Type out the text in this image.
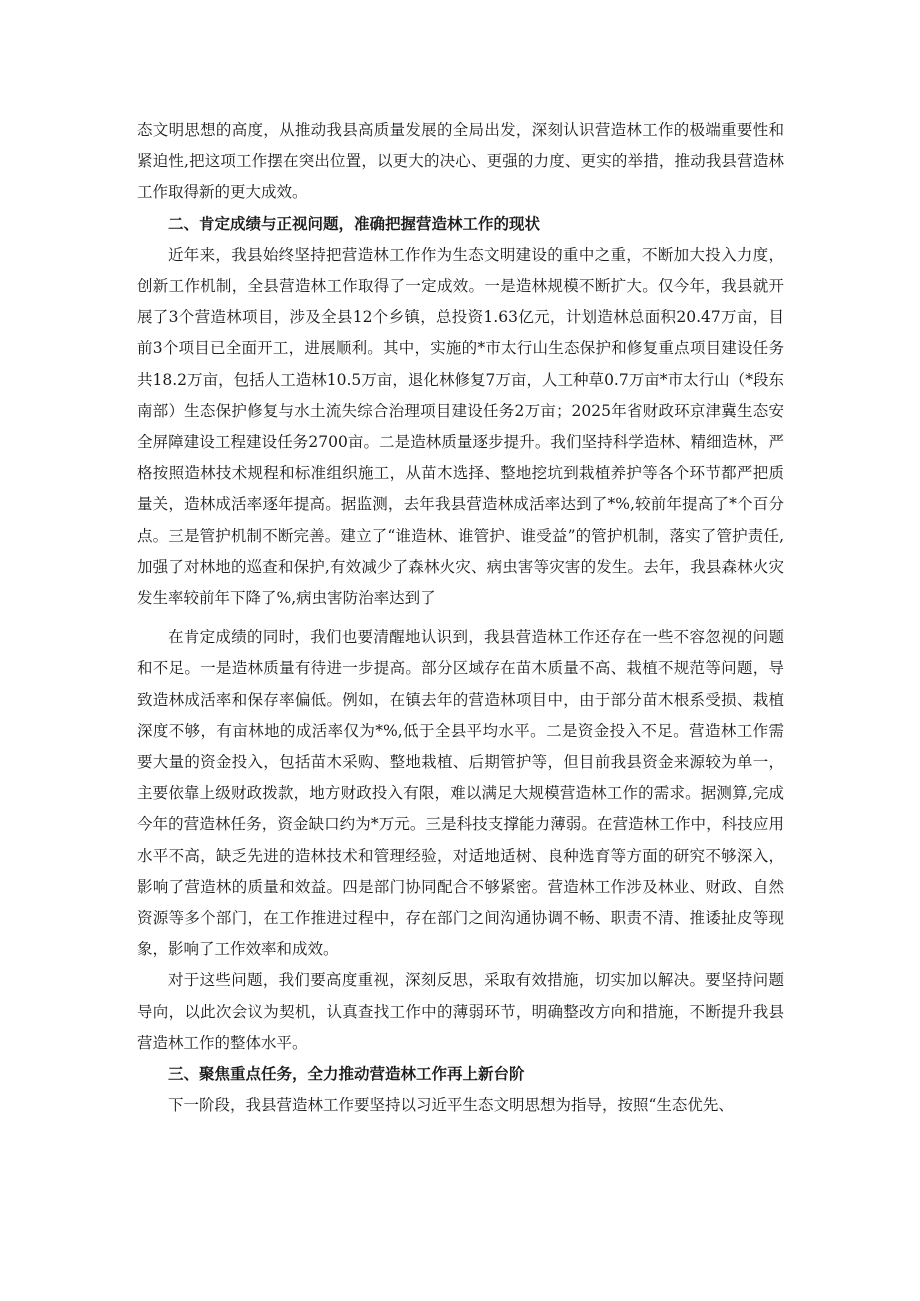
态文明思想的高度，从推动我县高质量发展的全局出发，深刻认识营造林工作的极端重要性和紧迫性,把这项工作摆在突出位置，以更大的决心、更强的力度、更实的举措，推动我县营造林工作取得新的更大成效。

二、肯定成绩与正视问题，准确把握营造林工作的现状

近年来，我县始终坚持把营造林工作作为生态文明建设的重中之重，不断加大投入力度，创新工作机制，全县营造林工作取得了一定成效。一是造林规模不断扩大。仅今年，我县就开展了3个营造林项目，涉及全县12个乡镇，总投资1.63亿元，计划造林总面积20.47万亩，目前3个项目已全面开工，进展顺利。其中，实施的*市太行山生态保护和修复重点项目建设任务共18.2万亩，包括人工造林10.5万亩，退化林修复7万亩，人工种草0.7万亩*市太行山（*段东南部）生态保护修复与水土流失综合治理项目建设任务2万亩；2025年省财政环京津冀生态安全屏障建设工程建设任务2700亩。二是造林质量逐步提升。我们坚持科学造林、精细造林，严格按照造林技术规程和标准组织施工，从苗木选择、整地挖坑到栽植养护等各个环节都严把质量关，造林成活率逐年提高。据监测，去年我县营造林成活率达到了*%,较前年提高了*个百分点。三是管护机制不断完善。建立了“谁造林、谁管护、谁受益”的管护机制，落实了管护责任,加强了对林地的巡查和保护,有效减少了森林火灾、病虫害等灾害的发生。去年，我县森林火灾发生率较前年下降了%,病虫害防治率达到了

在肯定成绩的同时，我们也要清醒地认识到，我县营造林工作还存在一些不容忽视的问题和不足。一是造林质量有待进一步提高。部分区域存在苗木质量不高、栽植不规范等问题，导致造林成活率和保存率偏低。例如，在镇去年的营造林项目中，由于部分苗木根系受损、栽植深度不够，有亩林地的成活率仅为*%,低于全县平均水平。二是资金投入不足。营造林工作需要大量的资金投入，包括苗木采购、整地栽植、后期管护等，但目前我县资金来源较为单一，主要依靠上级财政拨款，地方财政投入有限，难以满足大规模营造林工作的需求。据测算,完成今年的营造林任务，资金缺口约为*万元。三是科技支撑能力薄弱。在营造林工作中，科技应用水平不高，缺乏先进的造林技术和管理经验，对适地适树、良种选育等方面的研究不够深入，影响了营造林的质量和效益。四是部门协同配合不够紧密。营造林工作涉及林业、财政、自然资源等多个部门，在工作推进过程中，存在部门之间沟通协调不畅、职责不清、推诿扯皮等现象，影响了工作效率和成效。

对于这些问题，我们要高度重视，深刻反思，采取有效措施，切实加以解决。要坚持问题导向，以此次会议为契机，认真查找工作中的薄弱环节，明确整改方向和措施，不断提升我县营造林工作的整体水平。

三、聚焦重点任务，全力推动营造林工作再上新台阶

下一阶段，我县营造林工作要坚持以习近平生态文明思想为指导，按照“生态优先、
